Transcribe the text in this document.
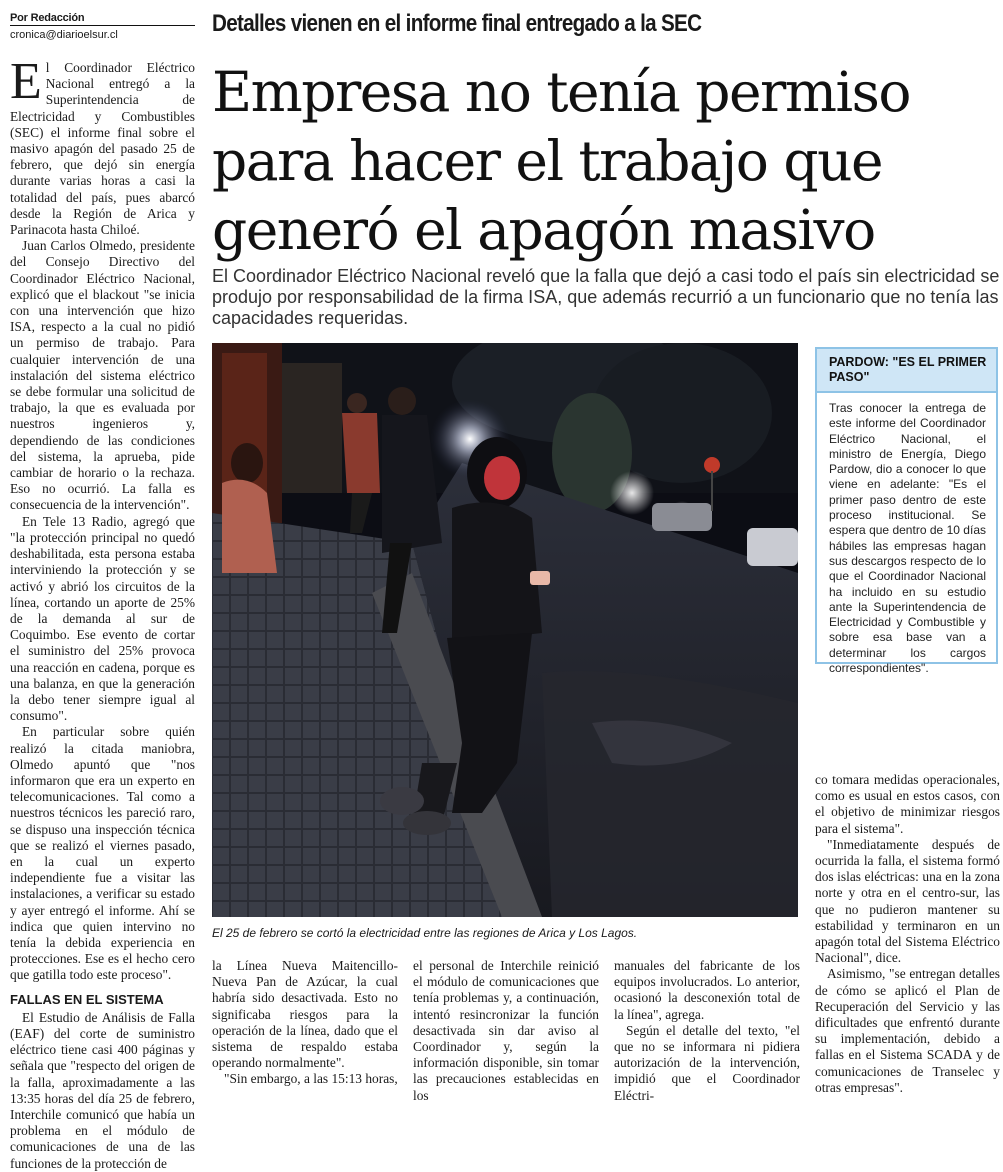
Por Redacción
cronica@diarioelsur.cl	Detalles vienen en el informe final entregado a la SEC
Empresa no tenía permiso para hacer el trabajo que generó el apagón masivo
El Coordinador Eléctrico Nacional reveló que la falla que dejó a casi todo el país sin electricidad se produjo por responsabilidad de la firma ISA, que además recurrió a un funcionario que no tenía las capacidades requeridas.

El Coordinador Eléctrico Nacional entregó a la Superintendencia de Electricidad y Combustibles (SEC) el informe final sobre el masivo apagón del pasado 25 de febrero, que dejó sin energía durante varias horas a casi la totalidad del país, pues abarcó desde la Región de Arica y Parinacota hasta Chiloé.

Juan Carlos Olmedo, presidente del Consejo Directivo del Coordinador Eléctrico Nacional, explicó que el blackout "se inicia con una intervención que hizo ISA, respecto a la cual no pidió un permiso de trabajo. Para cualquier intervención de una instalación del sistema eléctrico se debe formular una solicitud de trabajo, la que es evaluada por nuestros ingenieros y, dependiendo de las condiciones del sistema, la aprueba, pide cambiar de horario o la rechaza. Eso no ocurrió. La falla es consecuencia de la intervención".

En Tele 13 Radio, agregó que "la protección principal no quedó deshabilitada, esta persona estaba interviniendo la protección y se activó y abrió los circuitos de la línea, cortando un aporte de 25% de la demanda al sur de Coquimbo. Ese evento de cortar el suministro del 25% provoca una reacción en cadena, porque es una balanza, en que la generación la debo tener siempre igual al consumo".

En particular sobre quién realizó la citada maniobra, Olmedo apuntó que "nos informaron que era un experto en telecomunicaciones. Tal como a nuestros técnicos les pareció raro, se dispuso una inspección técnica que se realizó el viernes pasado, en la cual un experto independiente fue a visitar las instalaciones, a verificar su estado y ayer entregó el informe. Ahí se indica que quien intervino no tenía la debida experiencia en protecciones. Ese es el hecho cero que gatilla todo este proceso".

FALLAS EN EL SISTEMA

El Estudio de Análisis de Falla (EAF) del corte de suministro eléctrico tiene casi 400 páginas y señala que "respecto del origen de la falla, aproximadamente a las 13:35 horas del día 25 de febrero, Interchile comunicó que había un problema en el módulo de comunicaciones de una de las funciones de la protección de

El 25 de febrero se cortó la electricidad entre las regiones de Arica y Los Lagos.
PARDOW: "ES EL PRIMER PASO"

Tras conocer la entrega de este informe del Coordinador Eléctrico Nacional, el ministro de Energía, Diego Pardow, dio a conocer lo que viene en adelante: "Es el primer paso dentro de este proceso institucional. Se espera que dentro de 10 días hábiles las empresas hagan sus descargos respecto de lo que el Coordinador Nacional ha incluido en su estudio ante la Superintendencia de Electricidad y Combustible y sobre esa base van a determinar los cargos correspondientes".

la Línea Nueva Maitencillo-Nueva Pan de Azúcar, la cual habría sido desactivada. Esto no significaba riesgos para la operación de la línea, dado que el sistema de respaldo estaba operando normalmente".

"Sin embargo, a las 15:13 horas,

el personal de Interchile reinició el módulo de comunicaciones que tenía problemas y, a continuación, intentó resincronizar la función desactivada sin dar aviso al Coordinador y, según la información disponible, sin tomar las precauciones establecidas en los

manuales del fabricante de los equipos involucrados. Lo anterior, ocasionó la desconexión total de la línea", agrega.

Según el detalle del texto, "el que no se informara ni pidiera autorización de la intervención, impidió que el Coordinador Eléctri-

co tomara medidas operacionales, como es usual en estos casos, con el objetivo de minimizar riesgos para el sistema".

"Inmediatamente después de ocurrida la falla, el sistema formó dos islas eléctricas: una en la zona norte y otra en el centro-sur, las que no pudieron mantener su estabilidad y terminaron en un apagón total del Sistema Eléctrico Nacional", dice.

Asimismo, "se entregan detalles de cómo se aplicó el Plan de Recuperación del Servicio y las dificultades que enfrentó durante su implementación, debido a fallas en el Sistema SCADA y de comunicaciones de Transelec y otras empresas".
